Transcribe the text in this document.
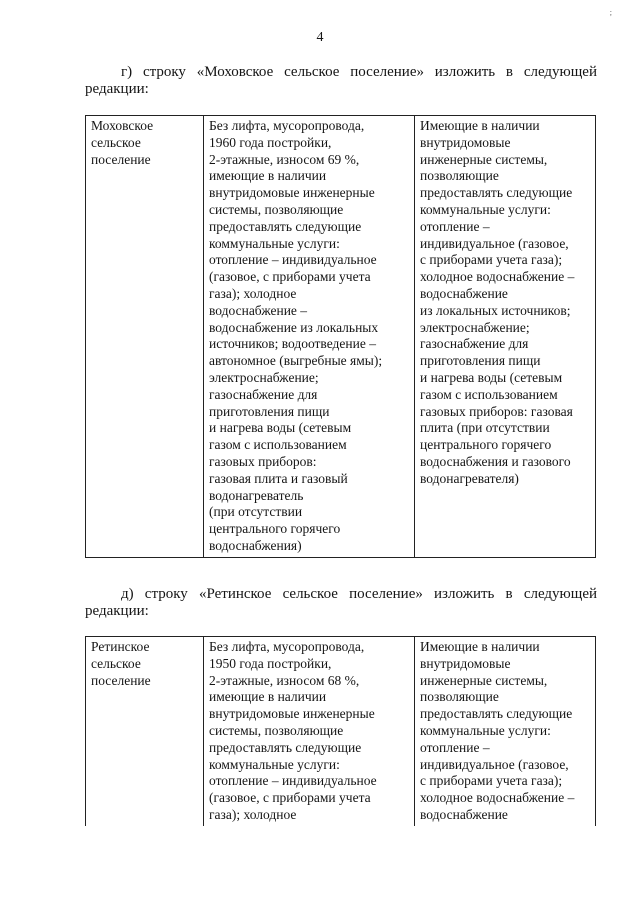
4
;
г) строку «Моховское сельское поселение» изложить в следующей
редакции:
Моховское
сельское
поселение	Без лифта, мусоропровода,
1960 года постройки,
2-этажные, износом 69 %,
имеющие в наличии
внутридомовые инженерные
системы, позволяющие
предоставлять следующие
коммунальные услуги:
отопление – индивидуальное
(газовое, с приборами учета
газа); холодное
водоснабжение –
водоснабжение из локальных
источников; водоотведение –
автономное (выгребные ямы);
электроснабжение;
газоснабжение для
приготовления пищи
и нагрева воды (сетевым
газом с использованием
газовых приборов:
газовая плита и газовый
водонагреватель
(при отсутствии
центрального горячего
водоснабжения)	Имеющие в наличии
внутридомовые
инженерные системы,
позволяющие
предоставлять следующие
коммунальные услуги:
отопление –
индивидуальное (газовое,
с приборами учета газа);
холодное водоснабжение –
водоснабжение
из локальных источников;
электроснабжение;
газоснабжение для
приготовления пищи
и нагрева воды (сетевым
газом с использованием
газовых приборов: газовая
плита (при отсутствии
центрального горячего
водоснабжения и газового
водонагревателя)
д) строку «Ретинское сельское поселение» изложить в следующей
редакции:
Ретинское
сельское
поселение	Без лифта, мусоропровода,
1950 года постройки,
2-этажные, износом 68 %,
имеющие в наличии
внутридомовые инженерные
системы, позволяющие
предоставлять следующие
коммунальные услуги:
отопление – индивидуальное
(газовое, с приборами учета
газа); холодное	Имеющие в наличии
внутридомовые
инженерные системы,
позволяющие
предоставлять следующие
коммунальные услуги:
отопление –
индивидуальное (газовое,
с приборами учета газа);
холодное водоснабжение –
водоснабжение
